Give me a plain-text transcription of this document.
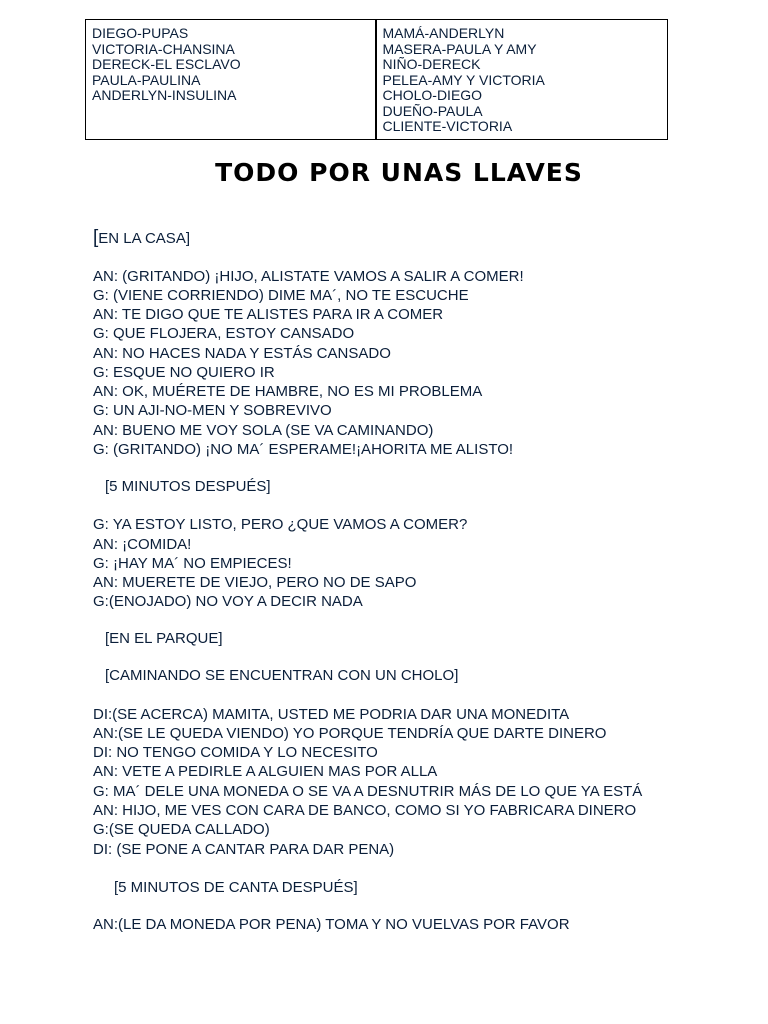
DIEGO-PUPAS
VICTORIA-CHANSINA
DERECK-EL ESCLAVO
PAULA-PAULINA
ANDERLYN-INSULINA
MAMÁ-ANDERLYN
MASERA-PAULA Y AMY
NIÑO-DERECK
PELEA-AMY Y VICTORIA
CHOLO-DIEGO
DUEÑO-PAULA
CLIENTE-VICTORIA
TODO POR UNAS LLAVES
[EN LA CASA]
AN: (GRITANDO) ¡HIJO, ALISTATE VAMOS A SALIR A COMER!
G: (VIENE CORRIENDO) DIME MA´, NO TE ESCUCHE
AN: TE DIGO QUE TE ALISTES PARA IR A COMER
G: QUE FLOJERA, ESTOY CANSADO
AN: NO HACES NADA Y ESTÁS CANSADO
G: ESQUE NO QUIERO IR
AN: OK, MUÉRETE DE HAMBRE, NO ES MI PROBLEMA
G: UN AJI-NO-MEN Y SOBREVIVO
AN: BUENO ME VOY SOLA (SE VA CAMINANDO)
G: (GRITANDO) ¡NO MA´ ESPERAME!¡AHORITA ME ALISTO!
[5 MINUTOS DESPUÉS]
G: YA ESTOY LISTO, PERO ¿QUE VAMOS A COMER?
AN: ¡COMIDA!
G: ¡HAY MA´ NO EMPIECES!
AN: MUERETE DE VIEJO, PERO NO DE SAPO
G:(ENOJADO) NO VOY A DECIR NADA
[EN EL PARQUE]
[CAMINANDO SE ENCUENTRAN CON UN CHOLO]
DI:(SE ACERCA) MAMITA, USTED ME PODRIA DAR UNA MONEDITA
AN:(SE LE QUEDA VIENDO) YO PORQUE TENDRÍA QUE DARTE DINERO
DI: NO TENGO COMIDA Y LO NECESITO
AN: VETE A PEDIRLE A ALGUIEN MAS POR ALLA
G: MA´ DELE UNA MONEDA O SE VA A DESNUTRIR MÁS DE LO QUE YA ESTÁ
AN: HIJO, ME VES CON CARA DE BANCO, COMO SI YO FABRICARA DINERO
G:(SE QUEDA CALLADO)
DI: (SE PONE A CANTAR PARA DAR PENA)
[5 MINUTOS DE CANTA DESPUÉS]
AN:(LE DA MONEDA POR PENA) TOMA Y NO VUELVAS POR FAVOR
